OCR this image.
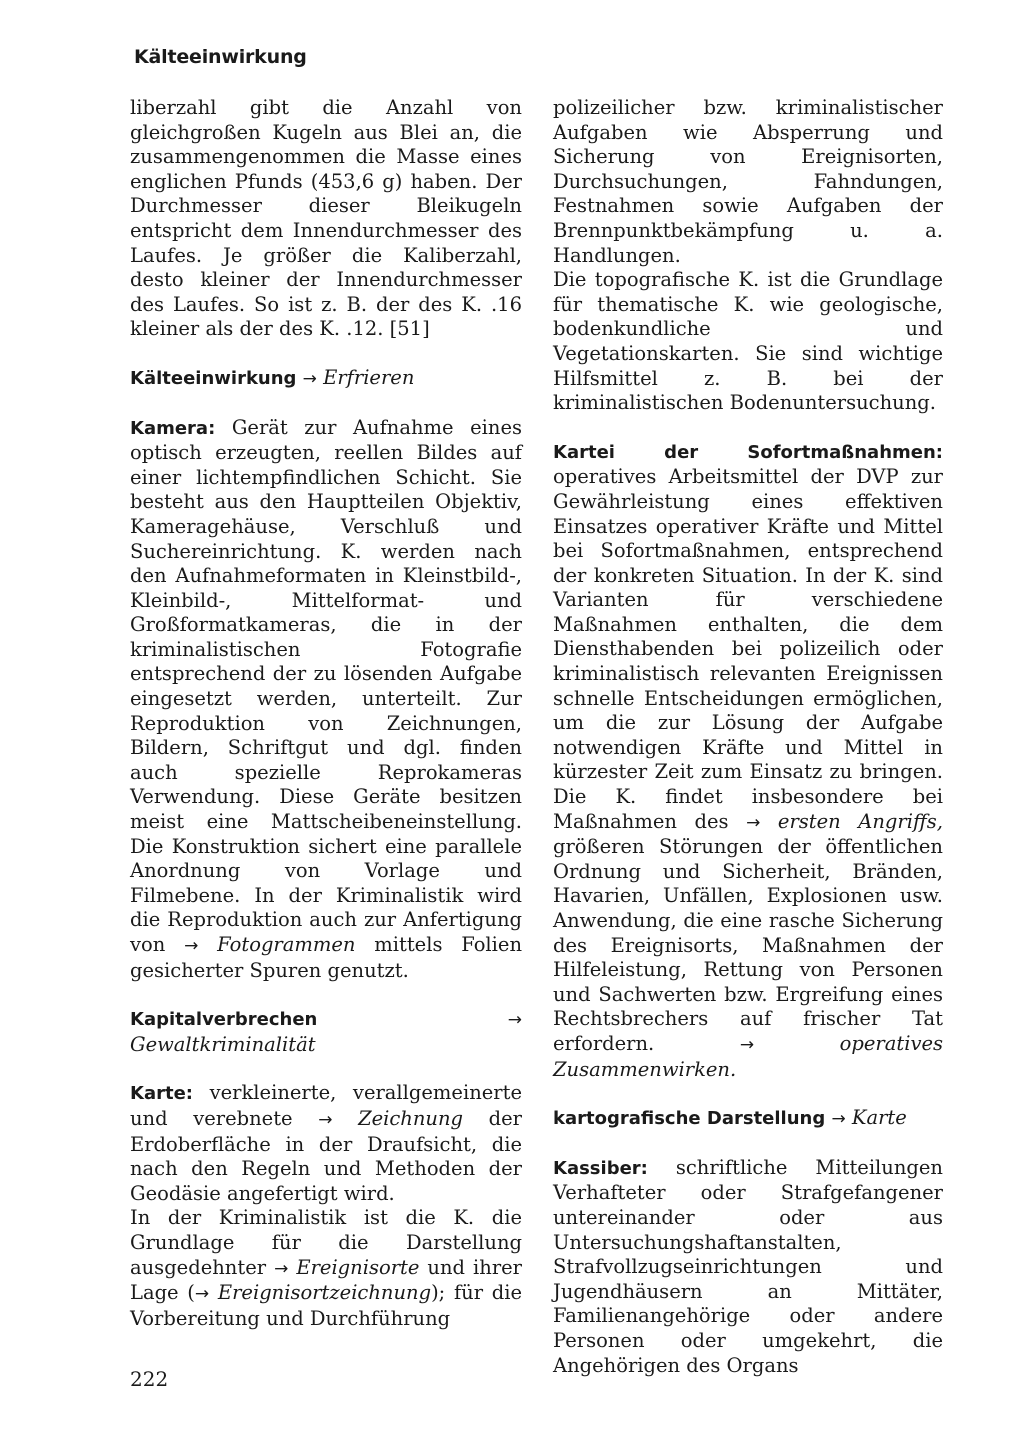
Kälteeinwirkung

liberzahl gibt die Anzahl von gleichgroßen Kugeln aus Blei an, die zusammengenommen die Masse eines englichen Pfunds (453,6 g) haben. Der Durchmesser dieser Bleikugeln entspricht dem Innendurchmesser des Laufes. Je größer die Kaliberzahl, desto kleiner der Innendurchmesser des Laufes. So ist z. B. der des K. .16 kleiner als der des K. .12. [51]

Kälteeinwirkung → Erfrieren

Kamera: Gerät zur Aufnahme eines optisch erzeugten, reellen Bildes auf einer lichtempfindlichen Schicht. Sie besteht aus den Hauptteilen Objektiv, Kameragehäuse, Verschluß und Suchereinrichtung. K. werden nach den Aufnahmeformaten in Kleinstbild-, Kleinbild-, Mittelformat- und Großformatkameras, die in der kriminalistischen Fotografie entsprechend der zu lösenden Aufgabe eingesetzt werden, unterteilt. Zur Reproduktion von Zeichnungen, Bildern, Schriftgut und dgl. finden auch spezielle Reprokameras Verwendung. Diese Geräte besitzen meist eine Mattscheibeneinstellung. Die Konstruktion sichert eine parallele Anordnung von Vorlage und Filmebene. In der Kriminalistik wird die Reproduktion auch zur Anfertigung von → Fotogrammen mittels Folien gesicherter Spuren genutzt.

Kapitalverbrechen	→ Gewaltkriminalität

Karte: verkleinerte, verallgemeinerte und verebnete → Zeichnung der Erdoberfläche in der Draufsicht, die nach den Regeln und Methoden der Geodäsie angefertigt wird.

In der Kriminalistik ist die K. die Grundlage für die Darstellung ausgedehnter → Ereignisorte und ihrer Lage (→ Ereignisortzeichnung); für die Vorbereitung und Durchführung

polizeilicher bzw. kriminalistischer Aufgaben wie Absperrung und Sicherung von Ereignisorten, Durchsuchungen, Fahndungen, Festnahmen sowie Aufgaben der Brennpunktbekämpfung u. a. Handlungen.

Die topografische K. ist die Grundlage für thematische K. wie geologische, bodenkundliche und Vegetationskarten. Sie sind wichtige Hilfsmittel z. B. bei der kriminalistischen Bodenuntersuchung.

Kartei der Sofortmaßnahmen: operatives Arbeitsmittel der DVP zur Gewährleistung eines effektiven Einsatzes operativer Kräfte und Mittel bei Sofortmaßnahmen, entsprechend der konkreten Situation. In der K. sind Varianten für verschiedene Maßnahmen enthalten, die dem Diensthabenden bei polizeilich oder kriminalistisch relevanten Ereignissen schnelle Entscheidungen ermöglichen, um die zur Lösung der Aufgabe notwendigen Kräfte und Mittel in kürzester Zeit zum Einsatz zu bringen. Die K. findet insbesondere bei Maßnahmen des → ersten Angriffs, größeren Störungen der öffentlichen Ordnung und Sicherheit, Bränden, Havarien, Unfällen, Explosionen usw. Anwendung, die eine rasche Sicherung des Ereignisorts, Maßnahmen der Hilfeleistung, Rettung von Personen und Sachwerten bzw. Ergreifung eines Rechtsbrechers auf frischer Tat erfordern.	→	operatives Zusammenwirken.

kartografische Darstellung → Karte

Kassiber: schriftliche Mitteilungen Verhafteter oder Strafgefangener untereinander oder aus Untersuchungshaftanstalten, Strafvollzugseinrichtungen und Jugendhäusern an Mittäter, Familienangehörige oder andere Personen oder umgekehrt, die Angehörigen des Organs

222
